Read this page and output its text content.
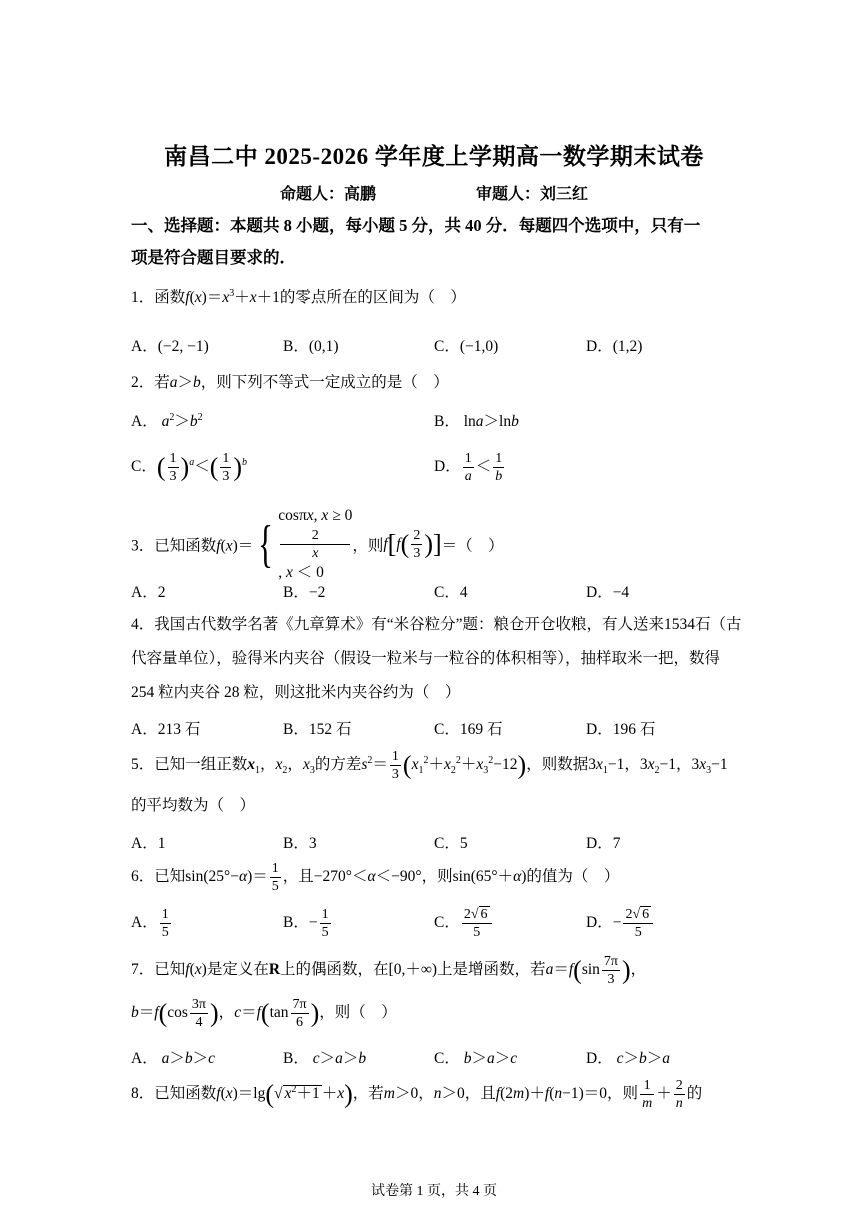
南昌二中 2025-2026 学年度上学期高一数学期末试卷
命题人：高鹏	审题人：刘三红
一、选择题：本题共 8 小题，每小题 5 分，共 40 分．每题四个选项中，只有一
项是符合题目要求的．
1．函数$f(x)=x^3+x+1$的零点所在的区间为（　）
A．(−2, −1)	B．(0,1)	C．(−1,0)	D．(1,2)
2．若a＞b，则下列不等式一定成立的是（　）
A． $a^2>b^2$	B． lna＞lnb
C．( $\frac{1}{3} )^a<( \frac{1}{3} )^b$	D． $\frac{1}{a} < \frac{1}{b}$
3．已知函数f(x)＝{
cosπx, x ≥ 0
2
x
, x ＜ 0
，则$f[f( \frac{2}{3}$ )]＝（　）
A．2	B．−2	C．4	D．−4
4．我国古代数学名著《九章算术》有“米谷粒分”题：粮仓开仓收粮，有人送来1534石（古代容量单位），验得米内夹谷（假设一粒米与一粒谷的体积相等），抽样取米一把，数得 254 粒内夹谷 28 粒，则这批米内夹谷约为（　）
A．213 石	B．152 石	C．169 石	D．196 石
5．已知一组正数$x_1$，$x_2$，$x_3$的方差$s^2= \frac{1}{3} (x_1^2+x_2^2+x_3^2-12)$，则数据$3x_1-1$，$3x_2-1$，$3x_3-1$
的平均数为（　）
A．1	B．3	C．5	D．7
6．已知$\sin(25^\circ-\alpha)= \frac{1}{5}$ ，且−270°＜α＜−90°，则sin(65°＋α)的值为（　）
A． $\frac{1}{5}$	B．− $\frac{1}{5}$	C． $\frac{2√ 6}{5}$	D．− $\frac{2√ 6}{5}$
7．已知f(x)是定义在R上的偶函数，在[0,＋∞)上是增函数，若$a=f(\sin \frac{7\pi}{3}$ )，
$b=f(\cos \frac{3\pi}{4}$ )，$c=f(\tan \frac{7\pi}{6}$ )，则（　）
A． a＞b＞c	B． c＞a＞b	C． b＞a＞c	D． c＞b＞a
8．已知函数f(x)＝lg(√ $x^2+1 +x$)，若m＞0，n＞0，且f(2m)＋f(n−1)＝0，则 $\frac{1}{m} + \frac{2}{n}$ 的
试卷第 1 页，共 4 页
